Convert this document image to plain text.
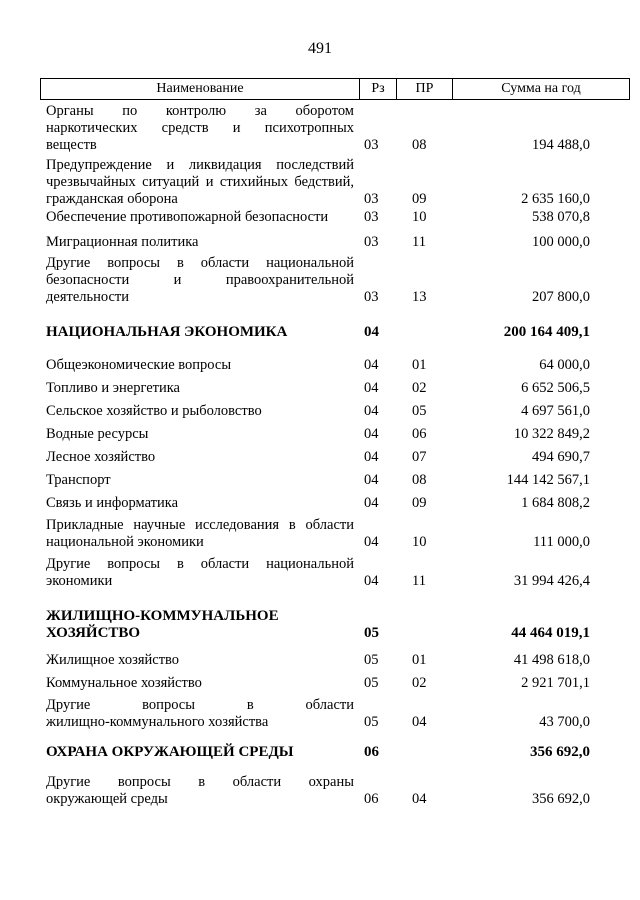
491
Наименование	Рз	ПР	Сумма на год
Органы по контролю за оборотом
наркотических средств и психотропных
веществ	03 08	194 488,0
Предупреждение и ликвидация последствий
чрезвычайных ситуаций и стихийных бедствий,
гражданская оборона	03 09	2 635 160,0
Обеспечение противопожарной безопасности	03 10	538 070,8
Миграционная политика	03 11	100 000,0
Другие вопросы в области национальной
безопасности и правоохранительной
деятельности	03 13	207 800,0
НАЦИОНАЛЬНАЯ ЭКОНОМИКА	04	200 164 409,1
Общеэкономические вопросы	04 01	64 000,0
Топливо и энергетика	04 02	6 652 506,5
Сельское хозяйство и рыболовство	04 05	4 697 561,0
Водные ресурсы	04 06	10 322 849,2
Лесное хозяйство	04 07	494 690,7
Транспорт	04 08	144 142 567,1
Связь и информатика	04 09	1 684 808,2
Прикладные научные исследования в области
национальной экономики	04 10	111 000,0
Другие вопросы в области национальной
экономики	04 11	31 994 426,4
ЖИЛИЩНО-КОММУНАЛЬНОЕ
ХОЗЯЙСТВО	05	44 464 019,1
Жилищное хозяйство	05 01	41 498 618,0
Коммунальное хозяйство	05 02	2 921 701,1
Другие вопросы в области
жилищно-коммунального хозяйства	05 04	43 700,0
ОХРАНА ОКРУЖАЮЩЕЙ СРЕДЫ	06	356 692,0
Другие вопросы в области охраны
окружающей среды	06 04	356 692,0
